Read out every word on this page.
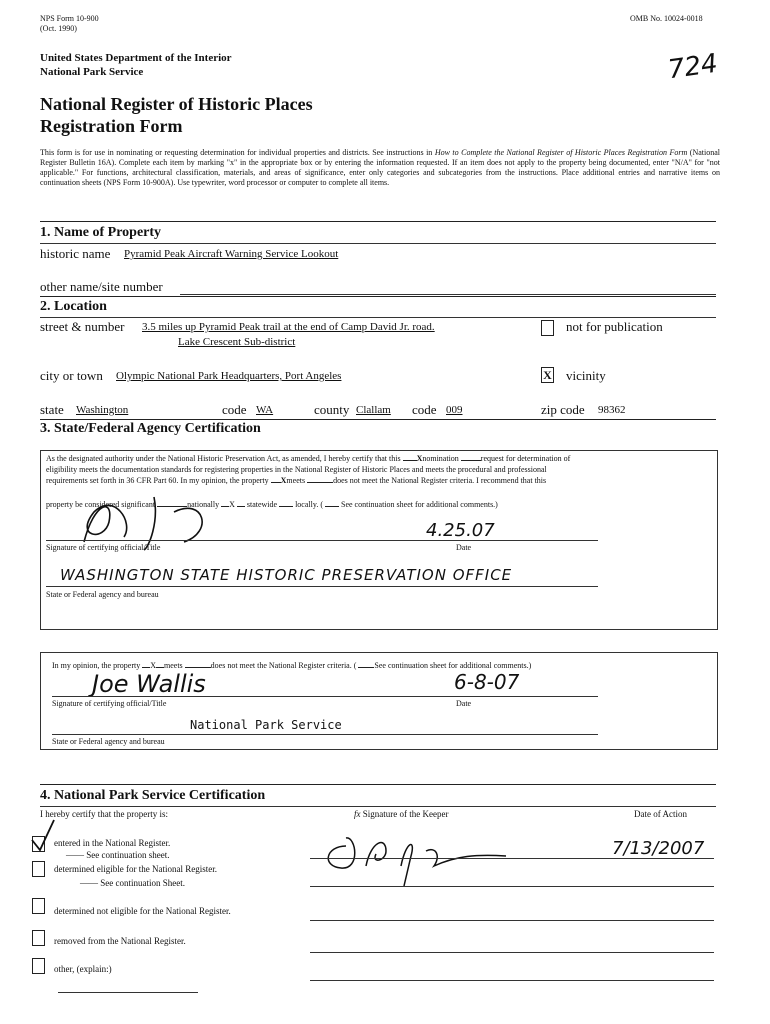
NPS Form 10-900
(Oct. 1990)
OMB No. 10024-0018
United States Department of the Interior
National Park Service	724
National Register of Historic Places
Registration Form
This form is for use in nominating or requesting determination for individual properties and districts. See instructions in How to Complete the National Register of Historic Places Registration Form (National Register Bulletin 16A). Complete each item by marking "x" in the appropriate box or by entering the information requested. If an item does not apply to the property being documented, enter "N/A" for "not applicable." For functions, architectural classification, materials, and areas of significance, enter only categories and subcategories from the instructions. Place additional entries and narrative items on continuation sheets (NPS Form 10-900A). Use typewriter, word processor or computer to complete all items.
1. Name of Property
historic name Pyramid Peak Aircraft Warning Service Lookout
other name/site number
2. Location
street & number 3.5 miles up Pyramid Peak trail at the end of Camp David Jr. road.
Lake Crescent Sub-district
not for publication
city or town Olympic National Park Headquarters, Port Angeles	X vicinity
state Washington	code WA	county Clallam code 009	zip code 98362
3. State/Federal Agency Certification
As the designated authority under the National Historic Preservation Act, as amended, I hereby certify that this Xnomination	request for determination of
eligibility meets the documentation standards for registering properties in the National Register of Historic Places and meets the procedural and professional
requirements set forth in 36 CFR Part 60. In my opinion, the property Xmeets	does not meet the National Register criteria. I recommend that this
property be considered significant	nationally X statewide locally. ( See continuation sheet for additional comments.)
4.25.07
Signature of certifying official/Title	Date
WASHINGTON STATE HISTORIC PRESERVATION OFFICE
State or Federal agency and bureau
In my opinion, the property X meets	does not meet the National Register criteria. ( See continuation sheet for additional comments.)
Joe Wallis	6-8-07
Signature of certifying official/Title	Date
National Park Service
State or Federal agency and bureau
4. National Park Service Certification
I hereby certify that the property is:	fx Signature of the Keeper	Date of Action
entered in the National Register.
—— See continuation sheet.
determined eligible for the National Register.
—— See continuation Sheet.
determined not eligible for the National Register.
removed from the National Register.
other, (explain:)
7/13/2007
